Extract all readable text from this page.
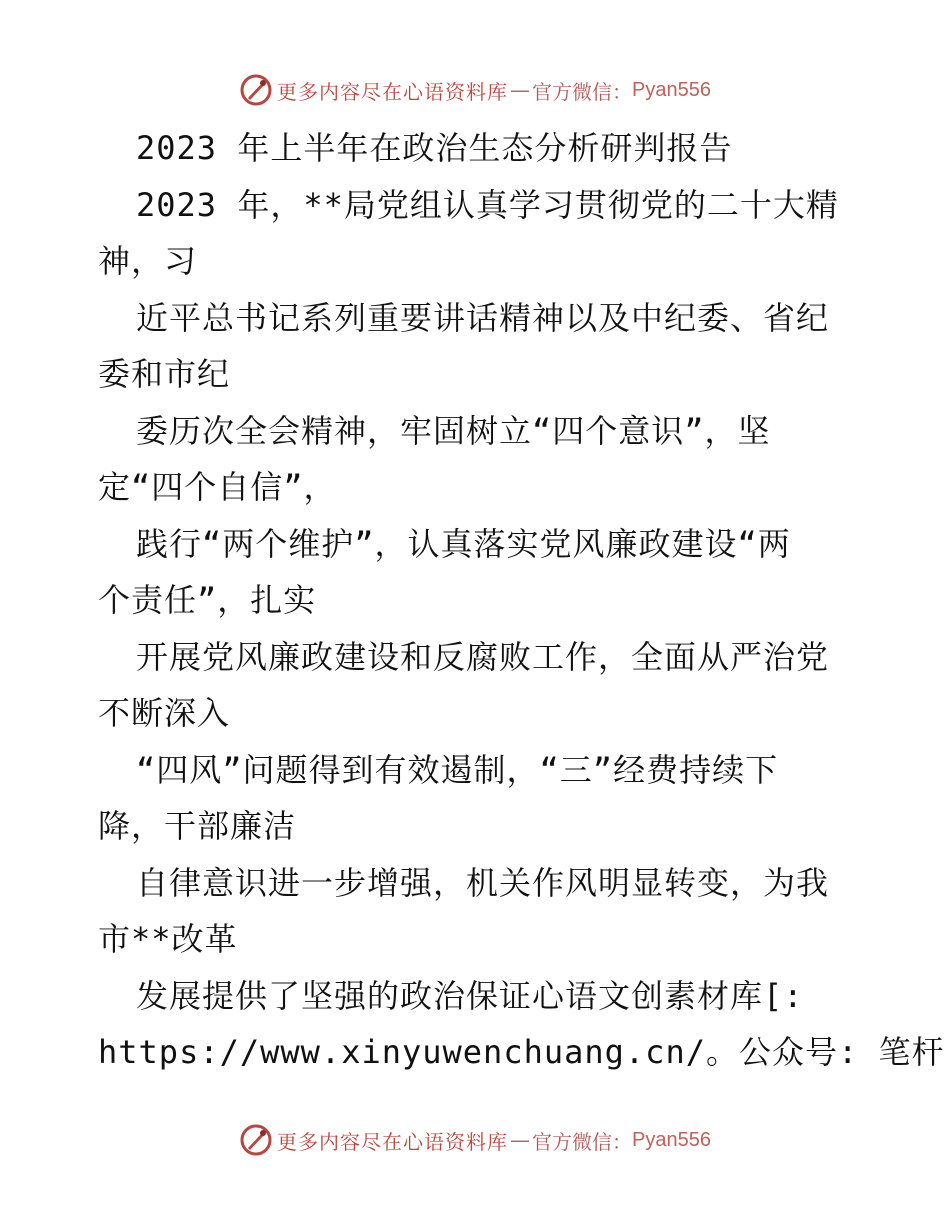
更多内容尽在心语资料库 — 官方微信： Pyan556
2023 年上半年在政治生态分析研判报告
2023 年，**局党组认真学习贯彻党的二十大精
神，习
近平总书记系列重要讲话精神以及中纪委、省纪
委和市纪
委历次全会精神，牢固树立“四个意识”，坚
定“四个自信”，
践行“两个维护”，认真落实党风廉政建设“两
个责任”，扎实
开展党风廉政建设和反腐败工作，全面从严治党
不断深入
“四风”问题得到有效遏制，“三”经费持续下
降，干部廉洁
自律意识进一步增强，机关作风明显转变，为我
市**改革
发展提供了坚强的政治保证心语文创素材库[:
https://www.xinyuwenchuang.cn/。公众号: 笔杆
更多内容尽在心语资料库 — 官方微信： Pyan556
